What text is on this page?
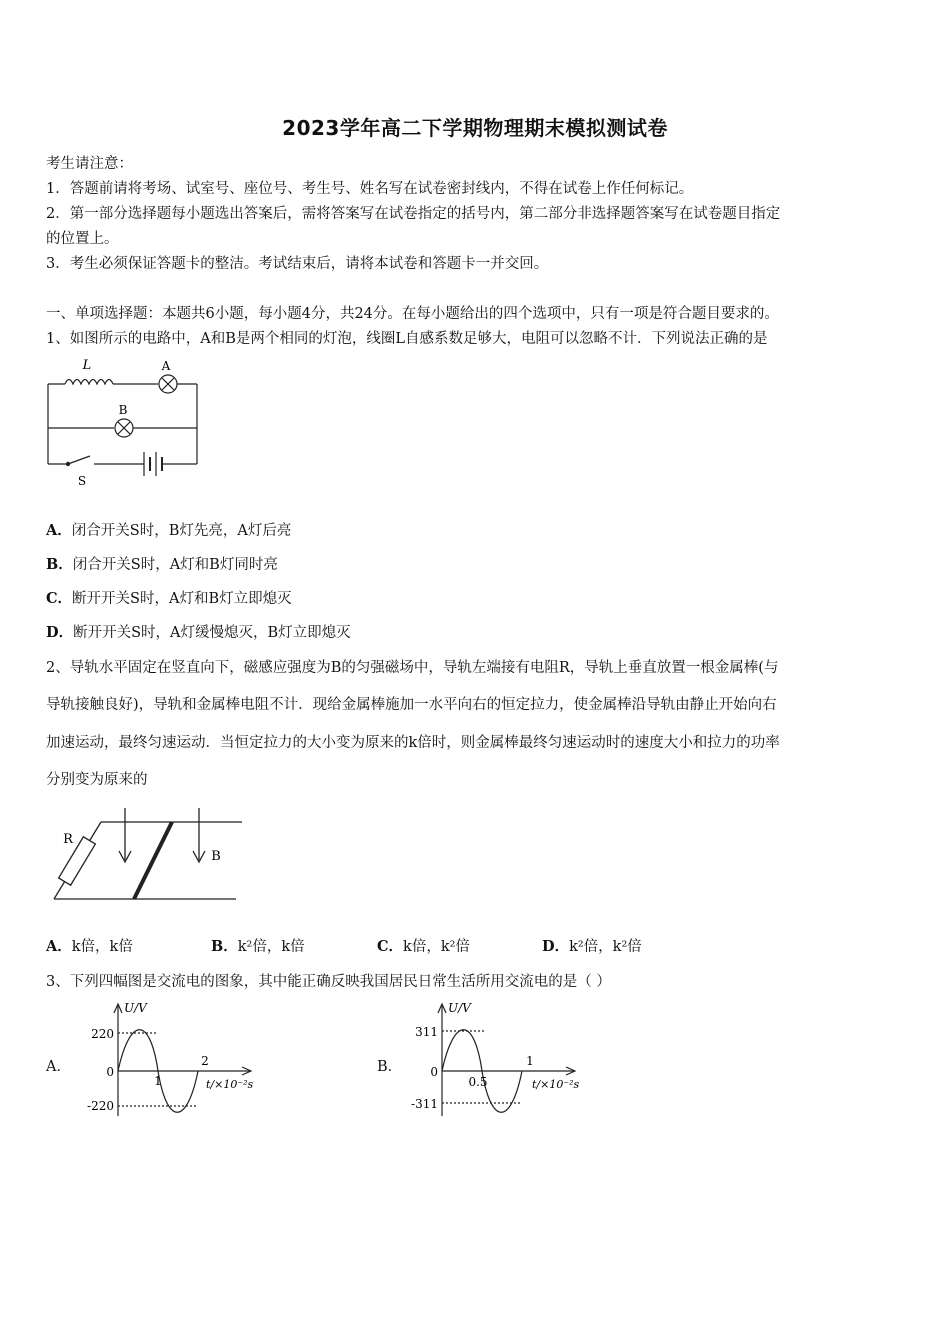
2023学年高二下学期物理期末模拟测试卷
考生请注意：
1．答题前请将考场、试室号、座位号、考生号、姓名写在试卷密封线内，不得在试卷上作任何标记。
2．第一部分选择题每小题选出答案后，需将答案写在试卷指定的括号内，第二部分非选择题答案写在试卷题目指定
的位置上。
3．考生必须保证答题卡的整洁。考试结束后，请将本试卷和答题卡一并交回。
一、单项选择题：本题共6小题，每小题4分，共24分。在每小题给出的四个选项中，只有一项是符合题目要求的。
1、如图所示的电路中，A和B是两个相同的灯泡，线圈L自感系数足够大，电阻可以忽略不计．下列说法正确的是
L	A
B
S
A．闭合开关S时，B灯先亮，A灯后亮
B．闭合开关S时，A灯和B灯同时亮
C．断开开关S时，A灯和B灯立即熄灭
D．断开开关S时，A灯缓慢熄灭，B灯立即熄灭
2、导轨水平固定在竖直向下，磁感应强度为B的匀强磁场中，导轨左端接有电阻R，导轨上垂直放置一根金属棒(与
导轨接触良好)，导轨和金属棒电阻不计．现给金属棒施加一水平向右的恒定拉力，使金属棒沿导轨由静止开始向右
加速运动，最终匀速运动．当恒定拉力的大小变为原来的k倍时，则金属棒最终匀速运动时的速度大小和拉力的功率
分别变为原来的
R
B
A．k倍，k倍	B．k²倍，k倍	C．k倍，k²倍	D．k²倍，k²倍
3、下列四幅图是交流电的图象，其中能正确反映我国居民日常生活所用交流电的是（ ）
A．
U/V
220
0
-220
1
2
t/×10⁻²s
B．
U/V
311
0
-311
0.5
1
t/×10⁻²s
